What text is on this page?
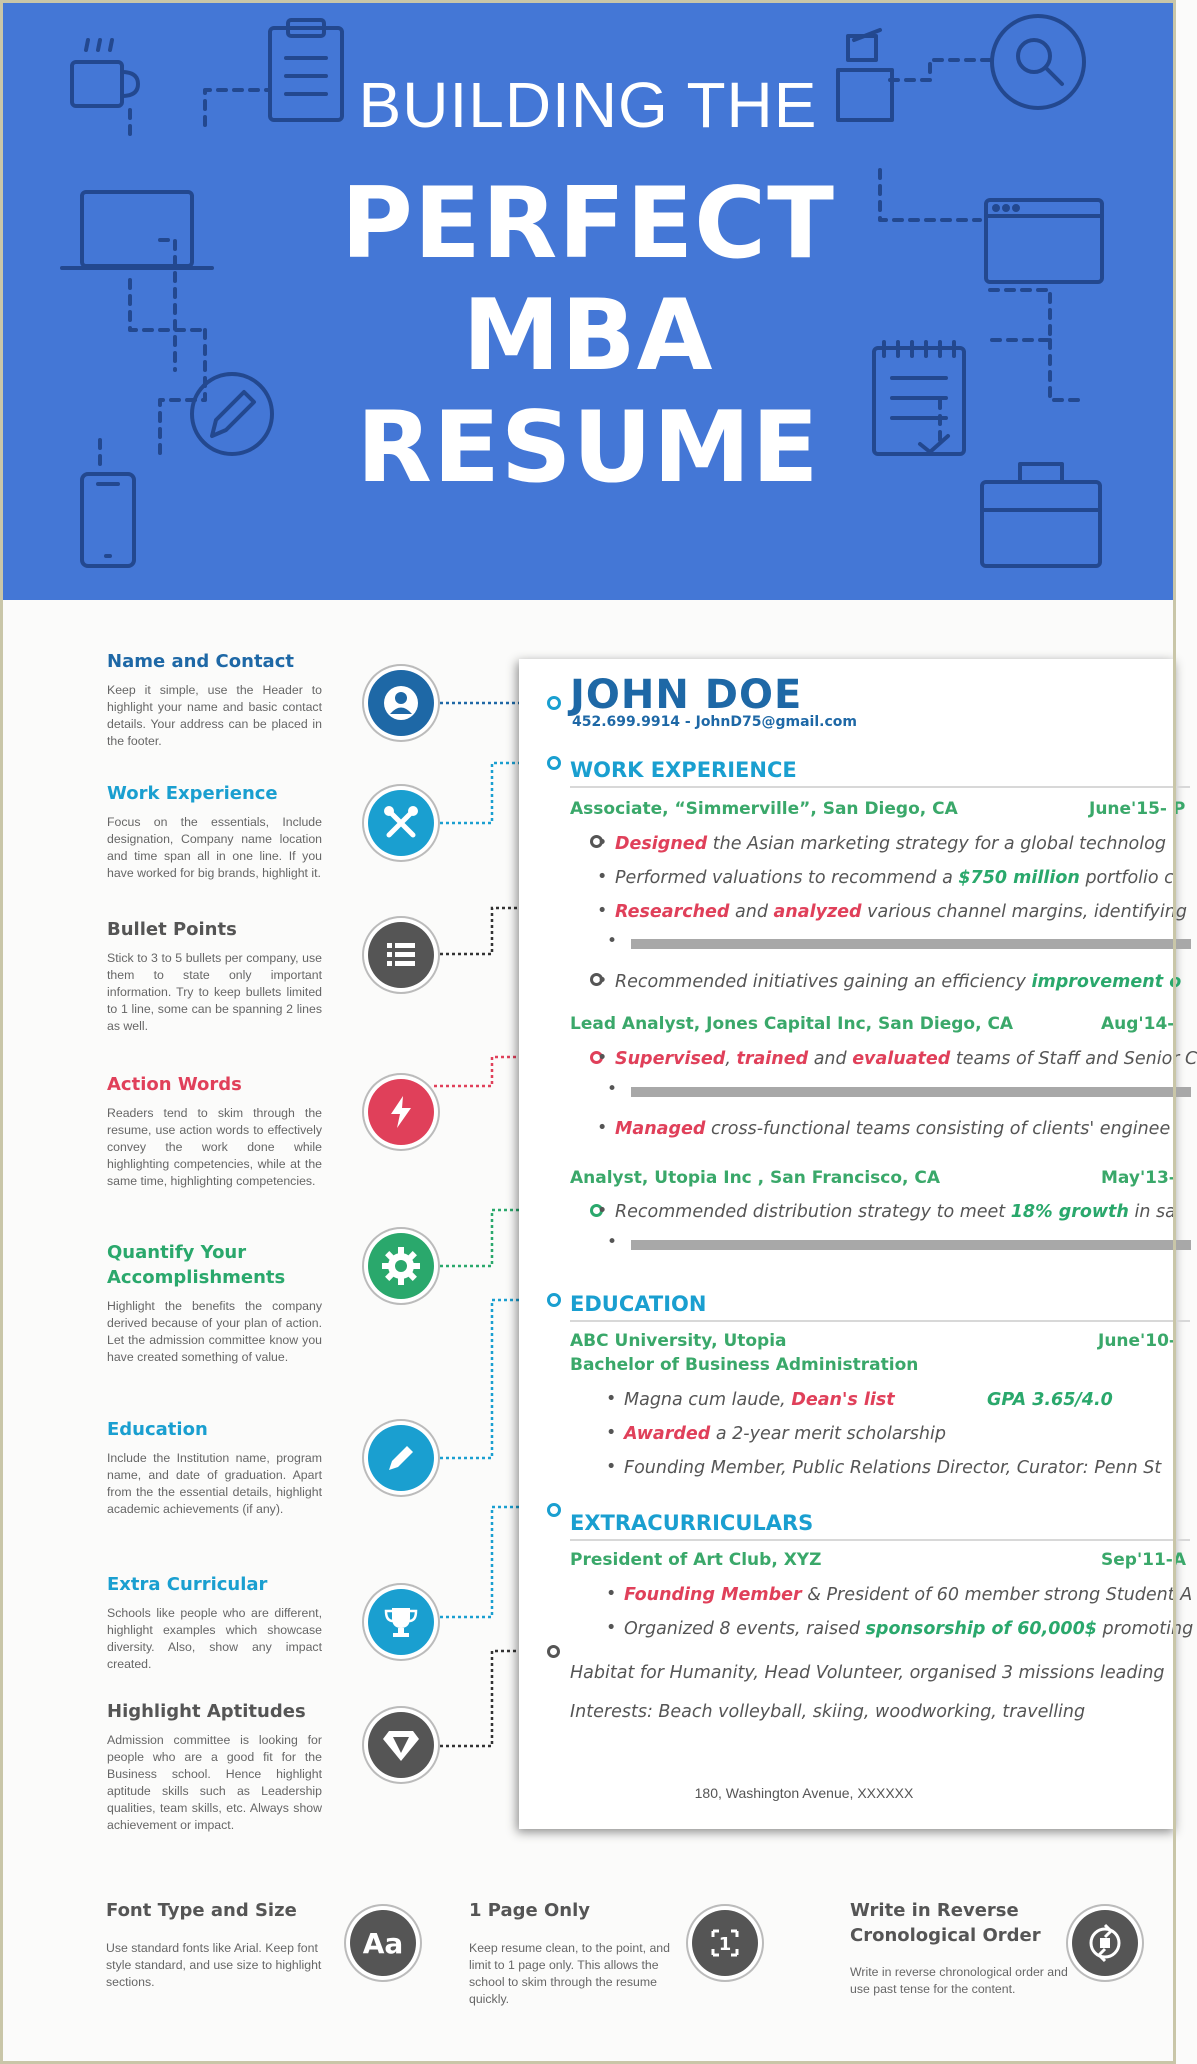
BUILDING THE
PERFECT
MBA
RESUME
Name and Contact

Keep it simple, use the Header to highlight your name and basic contact details. Your address can be placed in the footer.

Work Experience

Focus on the essentials, Include designation, Company name location and time span all in one line. If you have worked for big brands, highlight it.

Bullet Points

Stick to 3 to 5 bullets per company, use them to state only important information. Try to keep bullets limited to 1 line, some can be spanning 2 lines as well.

Action Words

Readers tend to skim through the resume, use action words to effectively convey the work done while highlighting competencies, while at the same time, highlighting competencies.

Quantify Your Accomplishments

Highlight the benefits the company derived because of your plan of action. Let the admission committee know you have created something of value.

Education

Include the Institution name, program name, and date of graduation. Apart from the the essential details, highlight academic achievements (if any).

Extra Curricular

Schools like people who are different, highlight examples which showcase diversity. Also, show any impact created.

Highlight Aptitudes

Admission committee is looking for people who are a good fit for the Business school. Hence highlight aptitude skills such as Leadership qualities, team skills, etc. Always show achievement or impact.

JOHN DOE
452.699.9914 - JohnD75@gmail.com
WORK EXPERIENCE
Associate, “Simmerville”, San Diego, CA	June'15- P
• Designed the Asian marketing strategy for a global technolog
• Performed valuations to recommend a $750 million portfolio c
• Researched and analyzed various channel margins, identifying
•
• Recommended initiatives gaining an efficiency improvement o
Lead Analyst, Jones Capital Inc, San Diego, CA	Aug'14-
• Supervised, trained and evaluated teams of Staff and Senior C
•
• Managed cross-functional teams consisting of clients' enginee
Analyst, Utopia Inc , San Francisco, CA	May'13-
• Recommended distribution strategy to meet 18% growth in sa
•
EDUCATION
ABC University, Utopia	June'10-
Bachelor of Business Administration
• Magna cum laude, Dean's list	GPA 3.65/4.0
• Awarded a 2-year merit scholarship
• Founding Member, Public Relations Director, Curator: Penn St
EXTRACURRICULARS
President of Art Club, XYZ	Sep'11-A
• Founding Member & President of 60 member strong Student A
• Organized 8 events, raised sponsorship of 60,000$ promoting
Habitat for Humanity, Head Volunteer, organised 3 missions leading
Interests: Beach volleyball, skiing, woodworking, travelling
180, Washington Avenue, XXXXXX
Font Type and Size

Use standard fonts like Arial. Keep font style standard, and use size to highlight sections.

Aa
1 Page Only

Keep resume clean, to the point, and limit to 1 page only. This allows the school to skim through the resume quickly.

1
Write in Reverse Cronological Order

Write in reverse chronological order and use past tense for the content.
